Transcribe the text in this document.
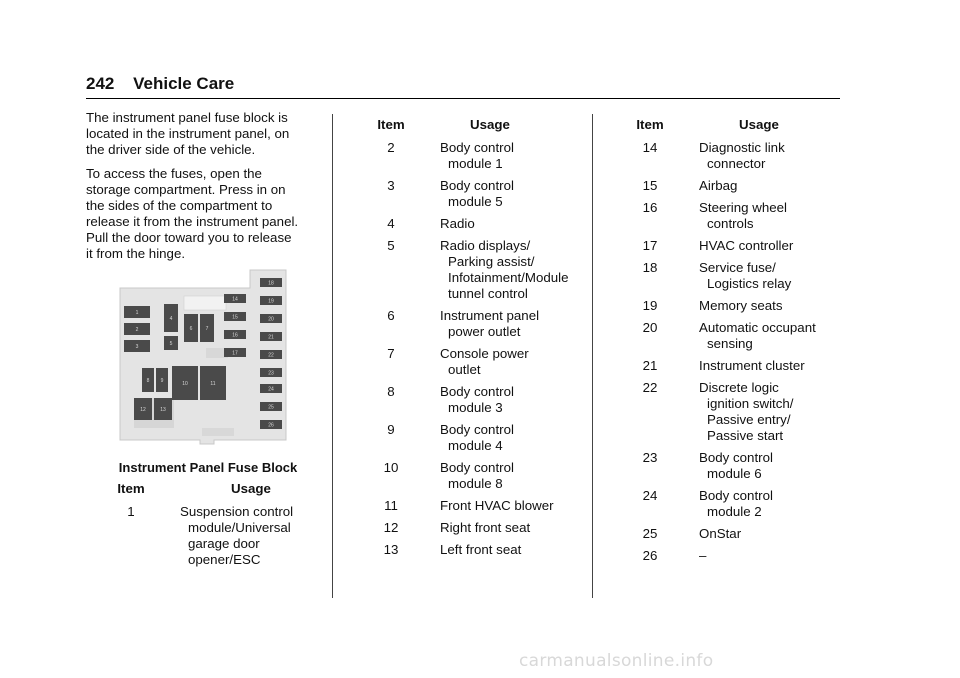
242 Vehicle Care
The instrument panel fuse block is
located in the instrument panel, on
the driver side of the vehicle.
To access the fuses, open the
storage compartment. Press in on
the sides of the compartment to
release it from the instrument panel.
Pull the door toward you to release
it from the hinge.
1
2
3
4
5
6	7
8 9	10	11
12	13
14
15
16
17
18
19
20
21
22
23
24
25
26
Instrument Panel Fuse Block
Item	Usage
1	Suspension control
module/Universal
garage door
opener/ESC
Item	Usage
2	Body control
module 1
3	Body control
module 5
4	Radio
5	Radio displays/
Parking assist/
Infotainment/Module
tunnel control
6	Instrument panel
power outlet
7	Console power
outlet
8	Body control
module 3
9	Body control
module 4
10	Body control
module 8
11	Front HVAC blower
12	Right front seat
13	Left front seat
Item	Usage
14	Diagnostic link
connector
15	Airbag
16	Steering wheel
controls
17	HVAC controller
18	Service fuse/
Logistics relay
19	Memory seats
20	Automatic occupant
sensing
21	Instrument cluster
22	Discrete logic
ignition switch/
Passive entry/
Passive start
23	Body control
module 6
24	Body control
module 2
25	OnStar
26	–
carmanualsonline.info
